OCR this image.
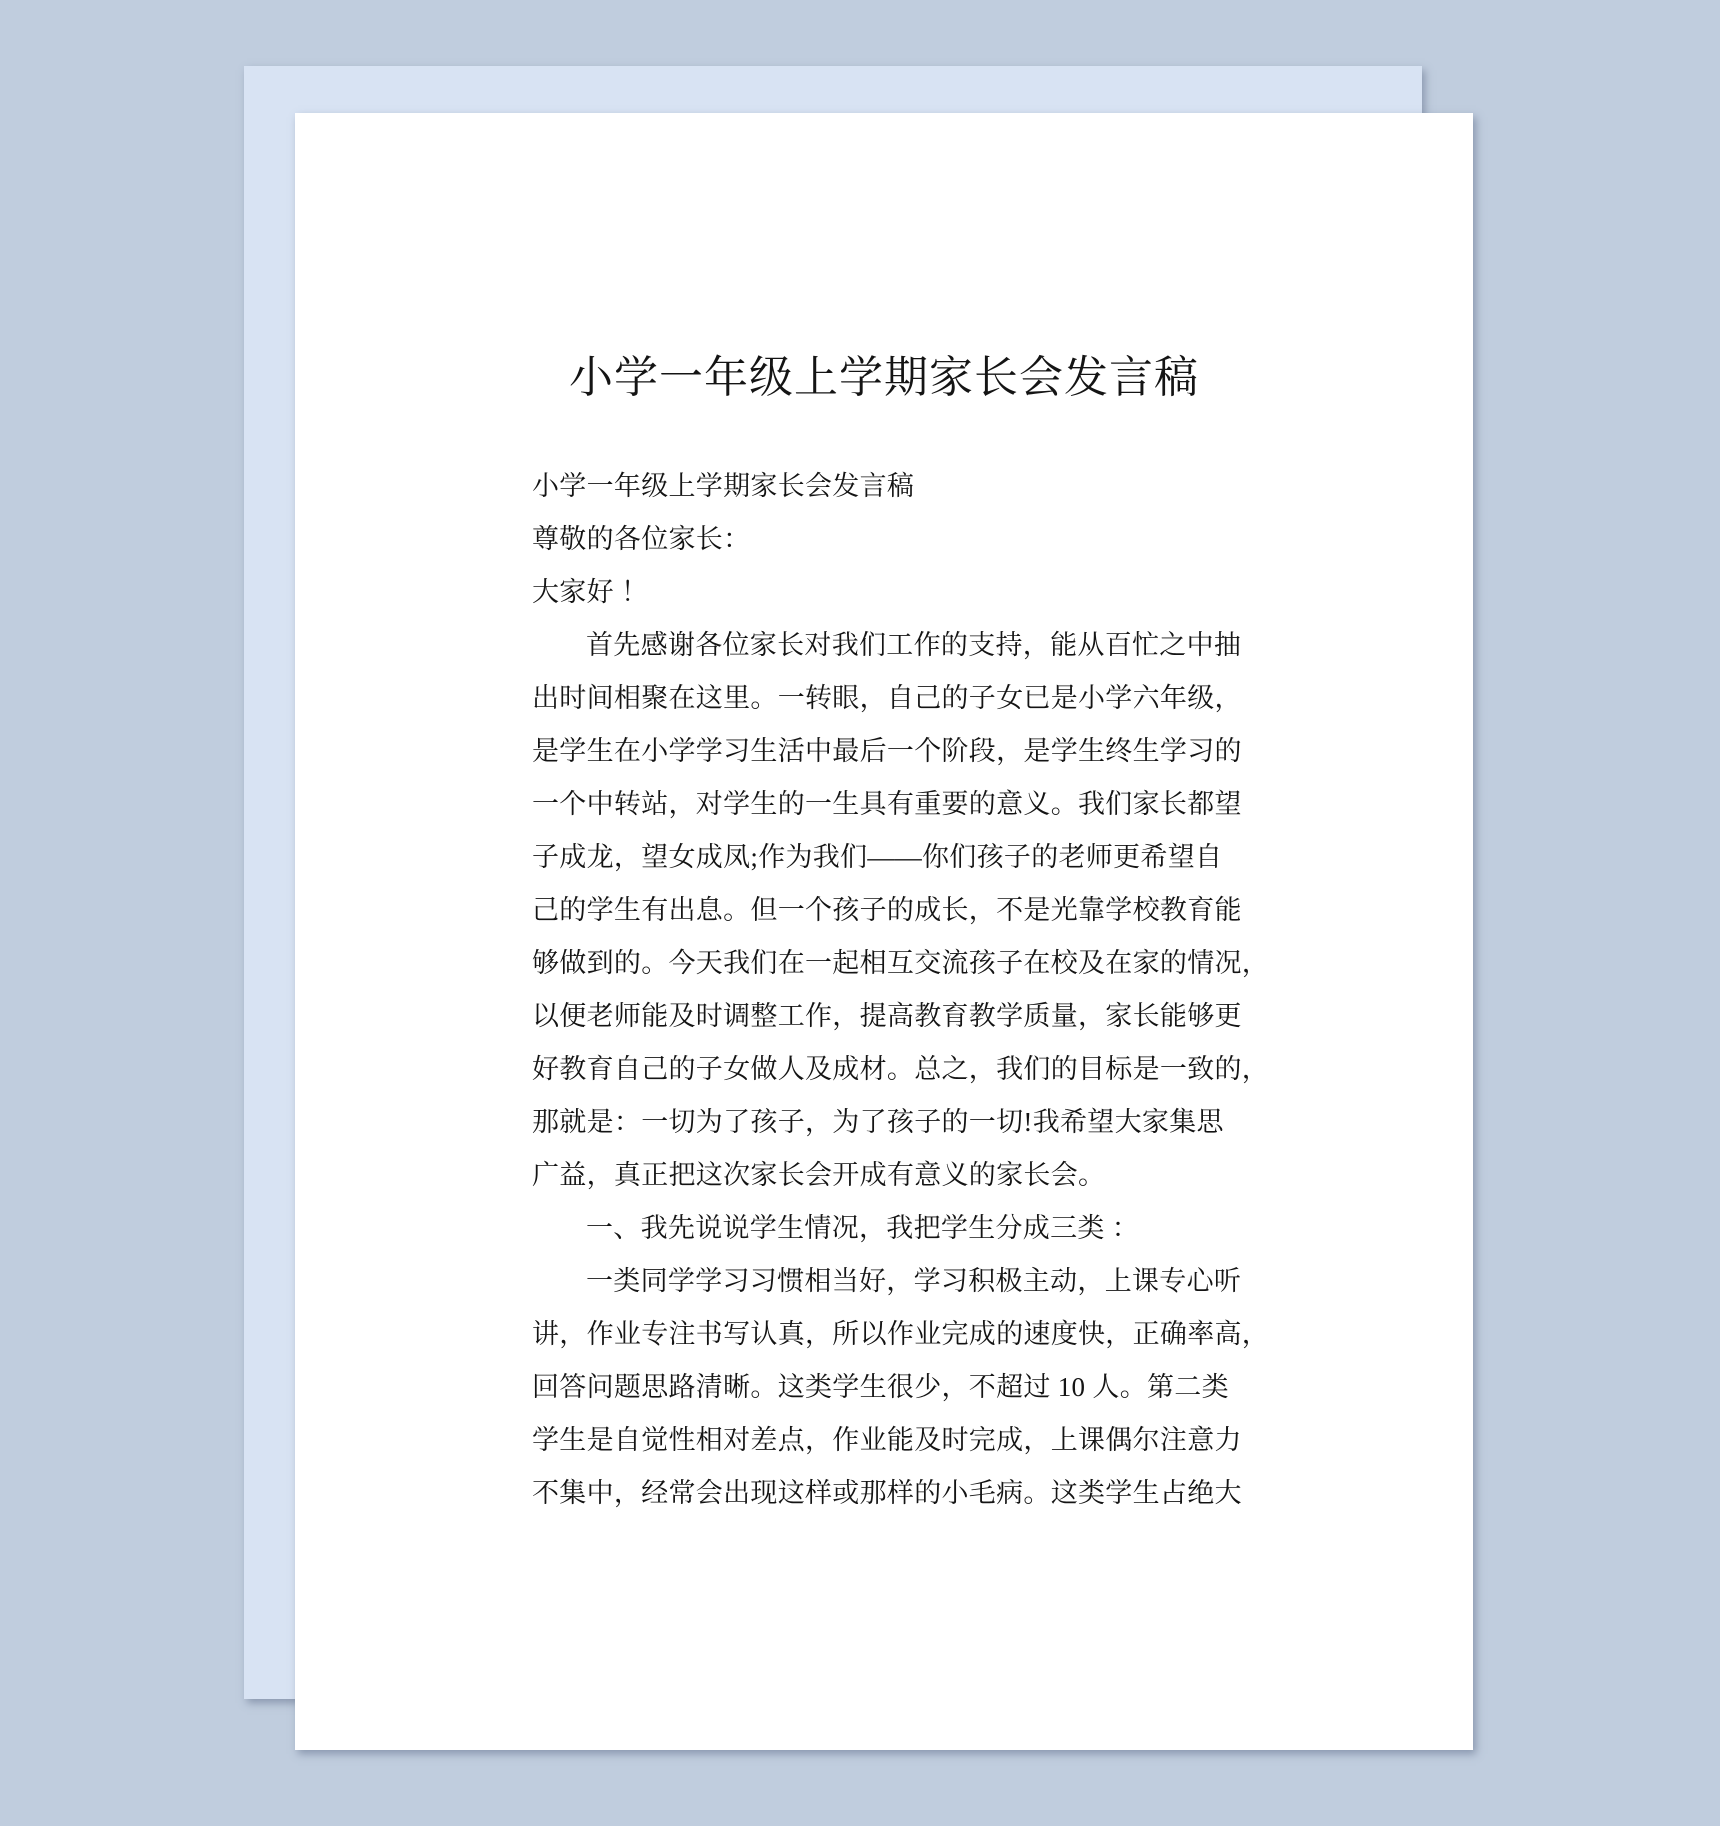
小学一年级上学期家长会发言稿
小学一年级上学期家长会发言稿
尊敬的各位家长：
大家好 ！
首先感谢各位家长对我们工作的支持，能从百忙之中抽
出时间相聚在这里。一转眼，自己的子女已是小学六年级，
是学生在小学学习生活中最后一个阶段，是学生终生学习的
一个中转站，对学生的一生具有重要的意义。我们家长都望
子成龙，望女成凤;作为我们——你们孩子的老师更希望自
己的学生有出息。但一个孩子的成长，不是光靠学校教育能
够做到的。今天我们在一起相互交流孩子在校及在家的情况，
以便老师能及时调整工作，提高教育教学质量，家长能够更
好教育自己的子女做人及成材。总之，我们的目标是一致的，
那就是：一切为了孩子，为了孩子的一切!我希望大家集思
广益，真正把这次家长会开成有意义的家长会。
一、我先说说学生情况，我把学生分成三类 ：
一类同学学习习惯相当好，学习积极主动，上课专心听
讲，作业专注书写认真，所以作业完成的速度快，正确率高，
回答问题思路清晰。这类学生很少，不超过 10 人。第二类
学生是自觉性相对差点，作业能及时完成，上课偶尔注意力
不集中，经常会出现这样或那样的小毛病。这类学生占绝大
